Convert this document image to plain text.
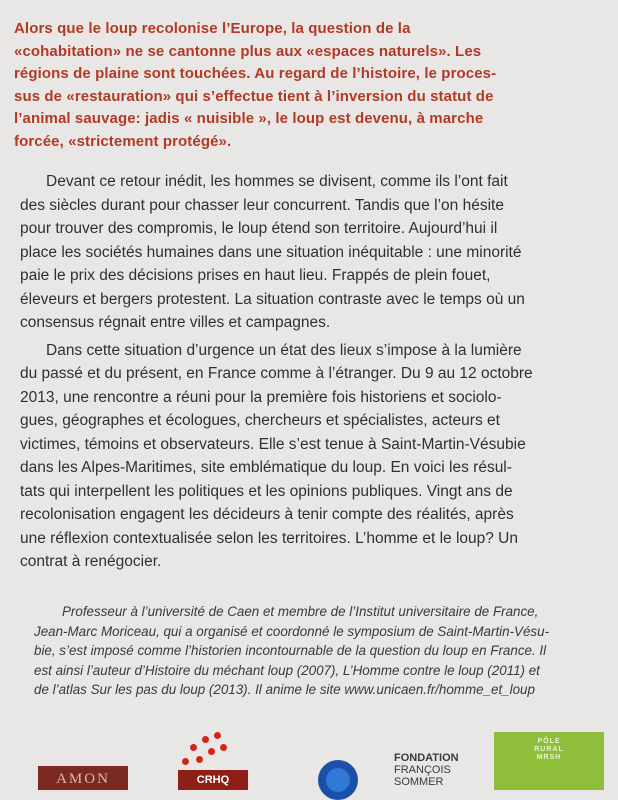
Alors que le loup recolonise l’Europe, la question de la
«cohabitation» ne se cantonne plus aux «espaces naturels». Les
régions de plaine sont touchées. Au regard de l’histoire, le proces-
sus de «restauration» qui s’effectue tient à l’inversion du statut de
l’animal sauvage: jadis « nuisible », le loup est devenu, à marche
forcée, «strictement protégé».

Devant ce retour inédit, les hommes se divisent, comme ils l’ont fait
des siècles durant pour chasser leur concurrent. Tandis que l’on hésite
pour trouver des compromis, le loup étend son territoire. Aujourd’hui il
place les sociétés humaines dans une situation inéquitable : une minorité
paie le prix des décisions prises en haut lieu. Frappés de plein fouet,
éleveurs et bergers protestent. La situation contraste avec le temps où un
consensus régnait entre villes et campagnes.

Dans cette situation d’urgence un état des lieux s’impose à la lumière
du passé et du présent, en France comme à l’étranger. Du 9 au 12 octobre
2013, une rencontre a réuni pour la première fois historiens et sociolo-
gues, géographes et écologues, chercheurs et spécialistes, acteurs et
victimes, témoins et observateurs. Elle s’est tenue à Saint-Martin-Vésubie
dans les Alpes-Maritimes, site emblématique du loup. En voici les résul-
tats qui interpellent les politiques et les opinions publiques. Vingt ans de
recolonisation engagent les décideurs à tenir compte des réalités, après
une réflexion contextualisée selon les territoires. L’homme et le loup? Un
contrat à renégocier.

Professeur à l’université de Caen et membre de l’Institut universitaire de France,
Jean-Marc Moriceau, qui a organisé et coordonné le symposium de Saint-Martin-Vésu-
bie, s’est imposé comme l’historien incontournable de la question du loup en France. Il
est ainsi l’auteur d’Histoire du méchant loup (2007), L’Homme contre le loup (2011) et
de l’atlas Sur les pas du loup (2013). Il anime le site www.unicaen.fr/homme_et_loup
AMON	CRHQ
FONDATION
FRANÇOIS
SOMMER
PÔLE
RURAL
MRSH
